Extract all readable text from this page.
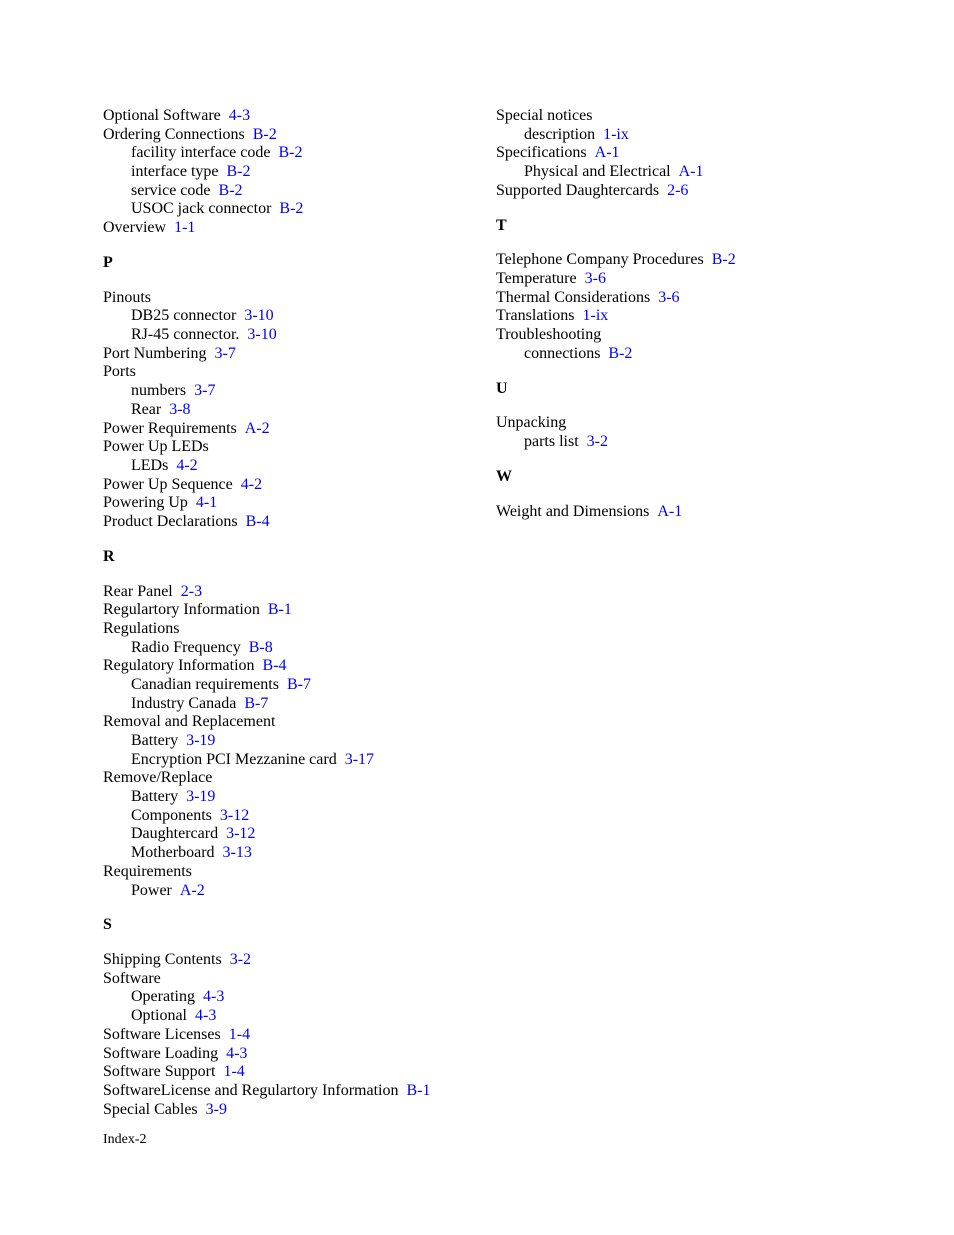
Optional Software 4-3
Ordering Connections B-2
facility interface code B-2
interface type B-2
service code B-2
USOC jack connector B-2
Overview 1-1
P
Pinouts
DB25 connector 3-10
RJ-45 connector. 3-10
Port Numbering 3-7
Ports
numbers 3-7
Rear 3-8
Power Requirements A-2
Power Up LEDs
LEDs 4-2
Power Up Sequence 4-2
Powering Up 4-1
Product Declarations B-4
R
Rear Panel 2-3
Regulartory Information B-1
Regulations
Radio Frequency B-8
Regulatory Information B-4
Canadian requirements B-7
Industry Canada B-7
Removal and Replacement
Battery 3-19
Encryption PCI Mezzanine card 3-17
Remove/Replace
Battery 3-19
Components 3-12
Daughtercard 3-12
Motherboard 3-13
Requirements
Power A-2
S
Shipping Contents 3-2
Software
Operating 4-3
Optional 4-3
Software Licenses 1-4
Software Loading 4-3
Software Support 1-4
SoftwareLicense and Regulartory Information B-1
Special Cables 3-9
Special notices
description 1-ix
Specifications A-1
Physical and Electrical A-1
Supported Daughtercards 2-6
T
Telephone Company Procedures B-2
Temperature 3-6
Thermal Considerations 3-6
Translations 1-ix
Troubleshooting
connections B-2
U
Unpacking
parts list 3-2
W
Weight and Dimensions A-1
Index-2
